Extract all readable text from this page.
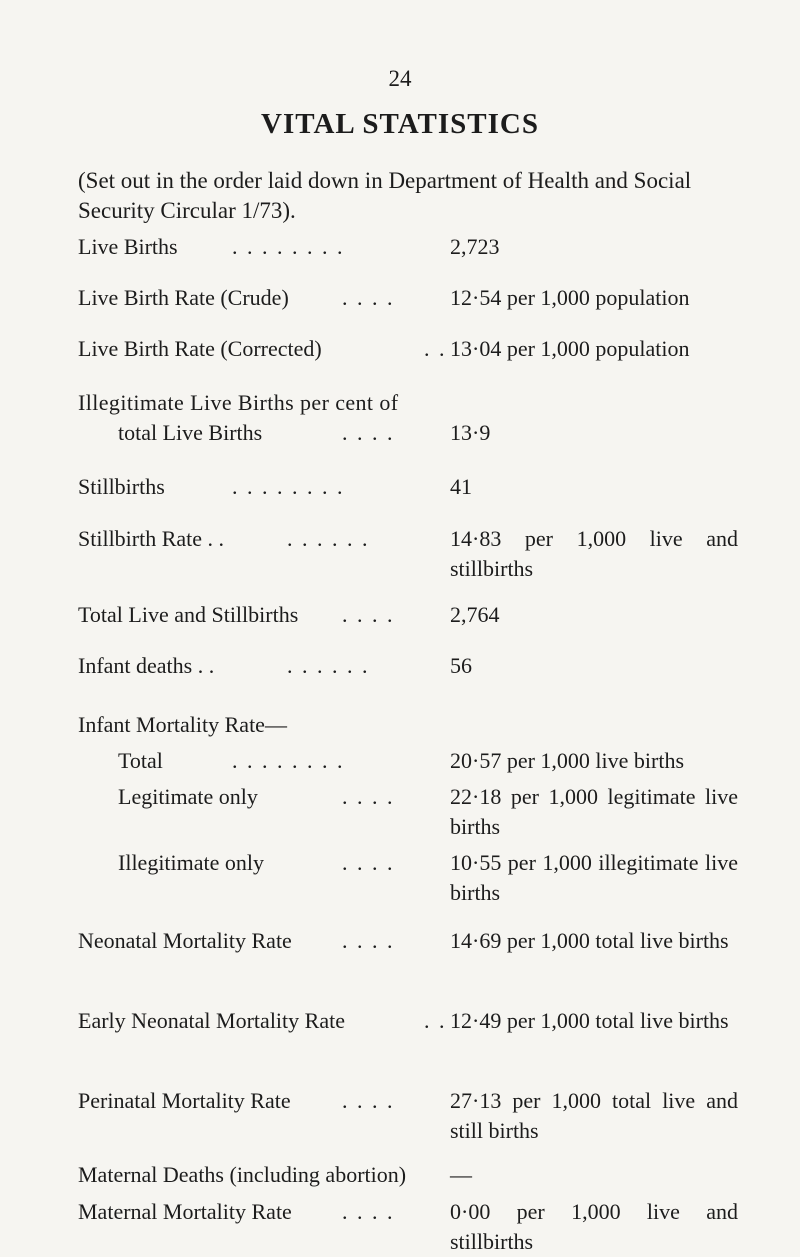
24
VITAL STATISTICS
(Set out in the order laid down in Department of Health and Social Security Circular 1/73).
Live Births . . . . . . . .	2,723
Live Birth Rate (Crude) . . . .	12·54 per 1,000 population
Live Birth Rate (Corrected)	. . 13·04 per 1,000 population
Illegitimate Live Births per cent of
total Live Births	. . . .	13·9
Stillbirths	. . . . . . . .	41
Stillbirth Rate . .	. . . . . .	14·83 per 1,000 live and stillbirths
Total Live and Stillbirths . . . .	2,764
Infant deaths . .	. . . . . .	56
Infant Mortality Rate—
Total	. . . . . . . .	20·57 per 1,000 live births
Legitimate only	. . . .	22·18 per 1,000 legitimate live births
Illegitimate only	. . . .	10·55 per 1,000 illegitimate live births
Neonatal Mortality Rate . . . .	14·69 per 1,000 total live births
Early Neonatal Mortality Rate	. . 12·49 per 1,000 total live births
Perinatal Mortality Rate . . . .	27·13 per 1,000 total live and still births
Maternal Deaths (including abortion) —
Maternal Mortality Rate . . . .	0·00 per 1,000 live and stillbirths
